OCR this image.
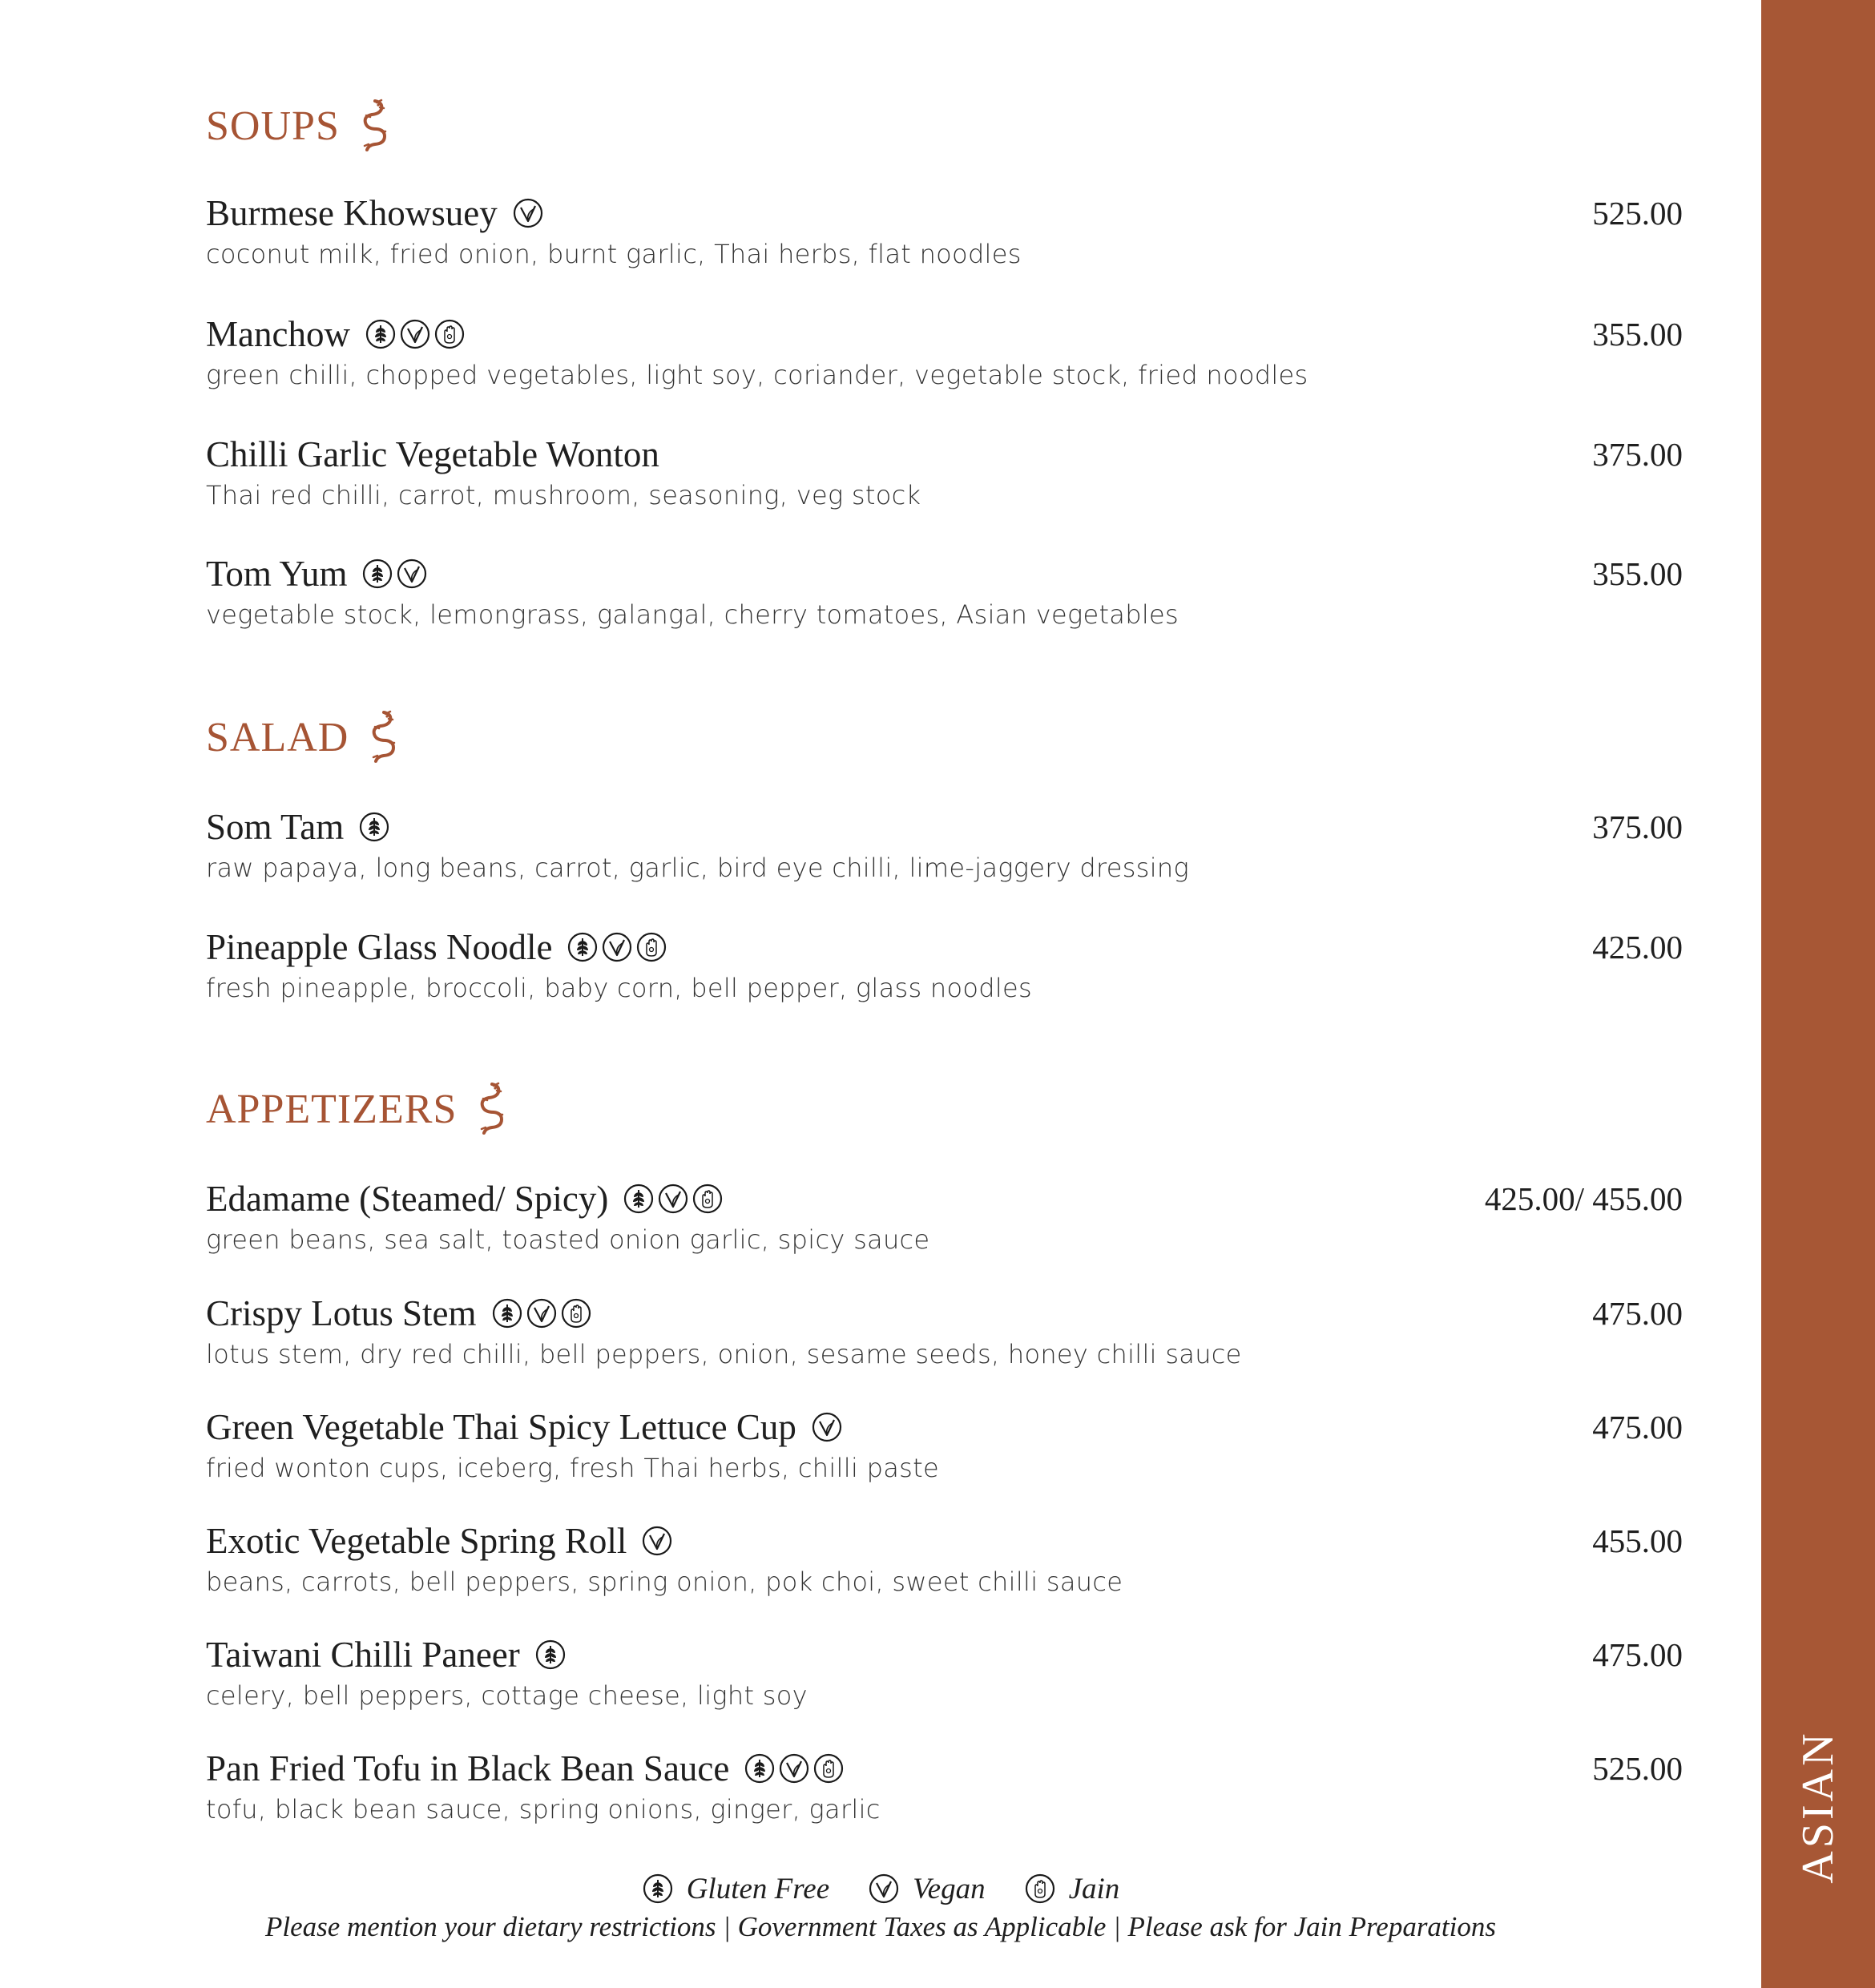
SOUPS
Burmese Khowsuey	525.00
coconut milk, fried onion, burnt garlic, Thai herbs, flat noodles
Manchow	355.00
green chilli, chopped vegetables, light soy, coriander, vegetable stock, fried noodles
Chilli Garlic Vegetable Wonton	375.00
Thai red chilli, carrot, mushroom, seasoning, veg stock
Tom Yum	355.00
vegetable stock, lemongrass, galangal, cherry tomatoes, Asian vegetables
SALAD
Som Tam	375.00
raw papaya, long beans, carrot, garlic, bird eye chilli, lime-jaggery dressing
Pineapple Glass Noodle	425.00
fresh pineapple, broccoli, baby corn, bell pepper, glass noodles
APPETIZERS
Edamame (Steamed/ Spicy)	425.00/ 455.00
green beans, sea salt, toasted onion garlic, spicy sauce
Crispy Lotus Stem	475.00
lotus stem, dry red chilli, bell peppers, onion, sesame seeds, honey chilli sauce
Green Vegetable Thai Spicy Lettuce Cup	475.00
fried wonton cups, iceberg, fresh Thai herbs, chilli paste
Exotic Vegetable Spring Roll	455.00
beans, carrots, bell peppers, spring onion, pok choi, sweet chilli sauce
Taiwani Chilli Paneer	475.00
celery, bell peppers, cottage cheese, light soy
Pan Fried Tofu in Black Bean Sauce	525.00
tofu, black bean sauce, spring onions, ginger, garlic
Gluten Free	Vegan	Jain
Please mention your dietary restrictions | Government Taxes as Applicable | Please ask for Jain Preparations
ASIAN
